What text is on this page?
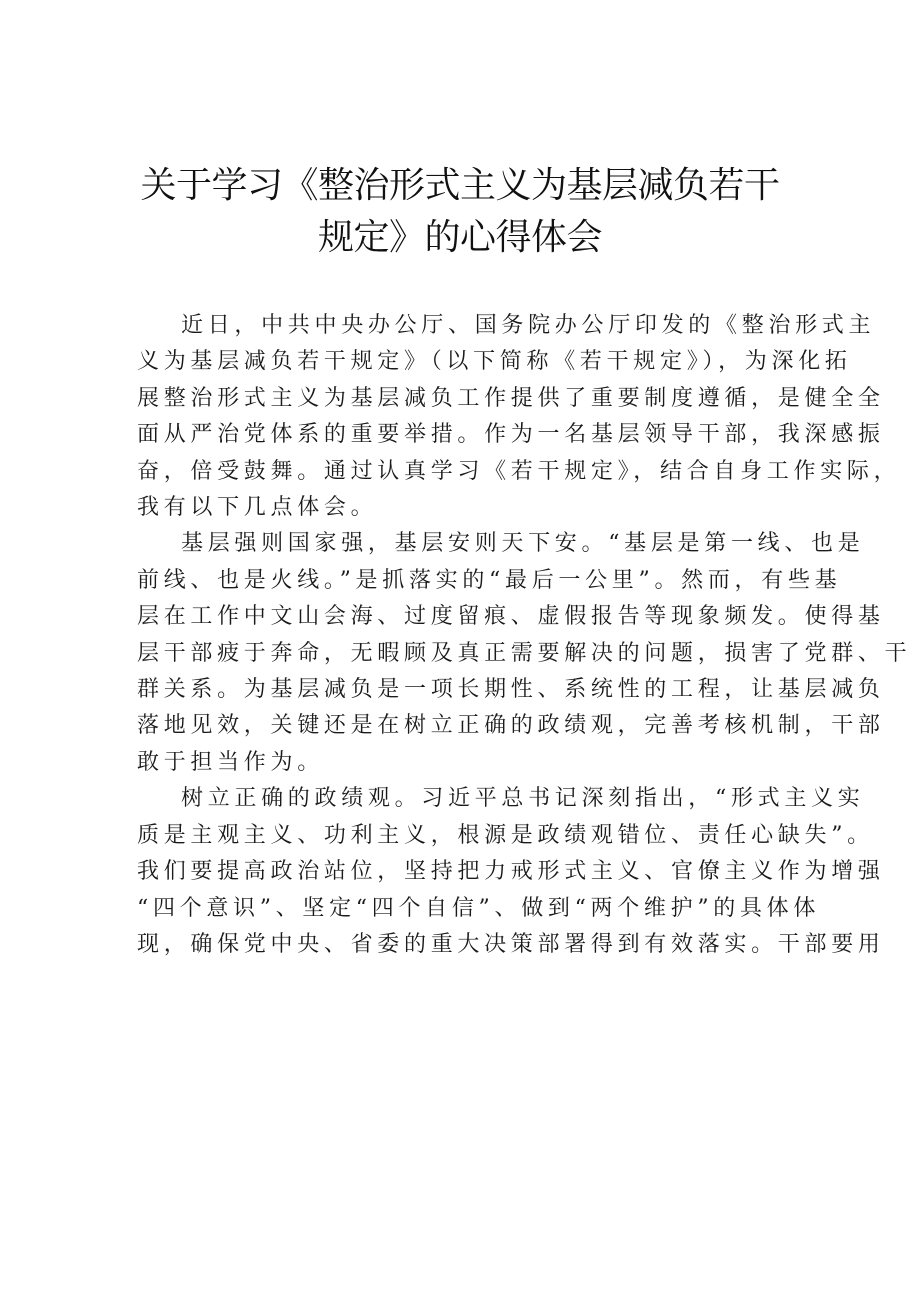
关于学习《整治形式主义为基层减负若干
规定》的心得体会
近日，中共中央办公厅、国务院办公厅印发的《整治形式主
义为基层减负若干规定》（以下简称《若干规定》），为深化拓
展整治形式主义为基层减负工作提供了重要制度遵循，是健全全
面从严治党体系的重要举措。作为一名基层领导干部，我深感振
奋，倍受鼓舞。通过认真学习《若干规定》，结合自身工作实际，
我有以下几点体会。
基层强则国家强，基层安则天下安。“基层是第一线、也是
前线、也是火线。”是抓落实的“最后一公里”。然而，有些基
层在工作中文山会海、过度留痕、虚假报告等现象频发。使得基
层干部疲于奔命，无暇顾及真正需要解决的问题，损害了党群、干
群关系。为基层减负是一项长期性、系统性的工程，让基层减负
落地见效，关键还是在树立正确的政绩观，完善考核机制，干部
敢于担当作为。
树立正确的政绩观。习近平总书记深刻指出，“形式主义实
质是主观主义、功利主义，根源是政绩观错位、责任心缺失”。
我们要提高政治站位，坚持把力戒形式主义、官僚主义作为增强
“四个意识”、坚定“四个自信”、做到“两个维护”的具体体
现，确保党中央、省委的重大决策部署得到有效落实。干部要用
